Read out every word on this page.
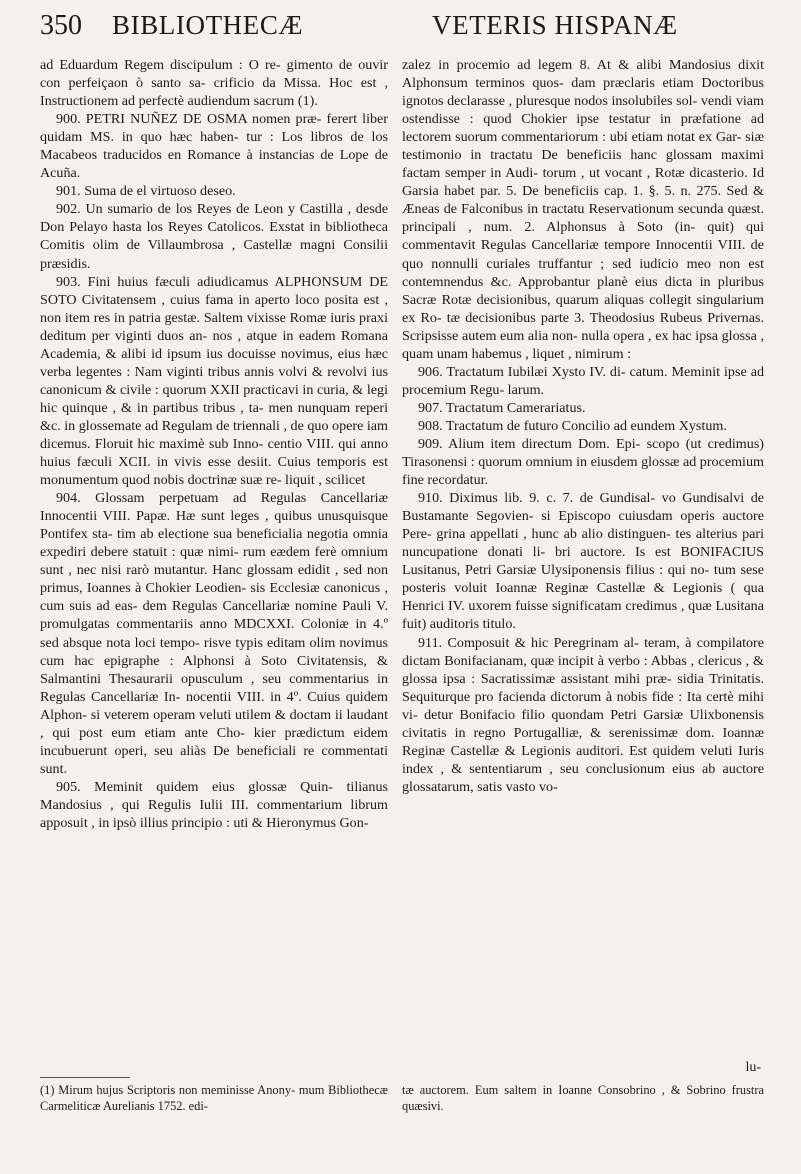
350 BIBLIOTHECÆ	VETERIS HISPANÆ

ad Eduardum Regem discipulum : O re- gimento de ouvir con perfeiçaon ò santo sa- crificio da Missa. Hoc est , Instructionem ad perfectè audiendum sacrum (1).

900. PETRI NUÑEZ DE OSMA nomen præ- ferert liber quidam MS. in quo hæc haben- tur : Los libros de los Macabeos traducidos en Romance à instancias de Lope de Acuña.

901. Suma de el virtuoso deseo.

902. Un sumario de los Reyes de Leon y Castilla , desde Don Pelayo hasta los Reyes Catolicos. Exstat in bibliotheca Comitis olim de Villaumbrosa , Castellæ magni Consilii præsidis.

903. Fini huius fæculi adiudicamus ALPHONSUM DE SOTO Civitatensem , cuius fama in aperto loco posita est , non item res in patria gestæ. Saltem vixisse Romæ iuris praxi deditum per viginti duos an- nos , atque in eadem Romana Academia, & alibi id ipsum ius docuisse novimus, eius hæc verba legentes : Nam viginti tribus annis volvi & revolvi ius canonicum & civile : quorum XXII practicavi in curia, & legi hic quinque , & in partibus tribus , ta- men nunquam reperi &c. in glossemate ad Regulam de triennali , de quo opere iam dicemus. Floruit hic maximè sub Inno- centio VIII. qui anno huius fæculi XCII. in vivis esse desiit. Cuius temporis est monumentum quod nobis doctrinæ suæ re- liquit , scilicet

904. Glossam perpetuam ad Regulas Cancellariæ Innocentii VIII. Papæ. Hæ sunt leges , quibus unusquisque Pontifex sta- tim ab electione sua beneficialia negotia omnia expediri debere statuit : quæ nimi- rum eædem ferè omnium sunt , nec nisi rarò mutantur. Hanc glossam edidit , sed non primus, Ioannes à Chokier Leodien- sis Ecclesiæ canonicus , cum suis ad eas- dem Regulas Cancellariæ nomine Pauli V. promulgatas commentariis anno MDCXXI. Coloniæ in 4.º sed absque nota loci tempo- risve typis editam olim novimus cum hac epigraphe : Alphonsi à Soto Civitatensis, & Salmantini Thesaurarii opusculum , seu commentarius in Regulas Cancellariæ In- nocentii VIII. in 4º. Cuius quidem Alphon- si veterem operam veluti utilem & doctam ii laudant , qui post eum etiam ante Cho- kier prædictum eidem incubuerunt operi, seu aliàs De beneficiali re commentati sunt.

905. Meminit quidem eius glossæ Quin- tilianus Mandosius , qui Regulis Iulii III. commentarium librum apposuit , in ipsò illius principio : uti & Hieronymus Gon-

zalez in procemio ad legem 8. At & alibi Mandosius dixit Alphonsum terminos quos- dam præclaris etiam Doctoribus ignotos declarasse , pluresque nodos insolubiles sol- vendi viam ostendisse : quod Chokier ipse testatur in præfatione ad lectorem suorum commentariorum : ubi etiam notat ex Gar- siæ testimonio in tractatu De beneficiis hanc glossam maximi factam semper in Audi- torum , ut vocant , Rotæ dicasterio. Id Garsia habet par. 5. De beneficiis cap. 1. §. 5. n. 275. Sed & Æneas de Falconibus in tractatu Reservationum secunda quæst. principali , num. 2. Alphonsus à Soto (in- quit) qui commentavit Regulas Cancellariæ tempore Innocentii VIII. de quo nonnulli curiales truffantur ; sed iudicio meo non est contemnendus &c. Approbantur planè eius dicta in pluribus Sacræ Rotæ decisionibus, quarum aliquas collegit singularium ex Ro- tæ decisionibus parte 3. Theodosius Rubeus Privernas. Scripsisse autem eum alia non- nulla opera , ex hac ipsa glossa , quam unam habemus , liquet , nimirum :

906. Tractatum Iubilæi Xysto IV. di- catum. Meminit ipse ad procemium Regu- larum.

907. Tractatum Camerariatus.

908. Tractatum de futuro Concilio ad eundem Xystum.

909. Alium item directum Dom. Epi- scopo (ut credimus) Tirasonensi : quorum omnium in eiusdem glossæ ad procemium fine recordatur.

910. Diximus lib. 9. c. 7. de Gundisal- vo Gundisalvi de Bustamante Segovien- si Episcopo cuiusdam operis auctore Pere- grina appellati , hunc ab alio distinguen- tes alterius pari nuncupatione donati li- bri auctore. Is est BONIFACIUS Lusitanus, Petri Garsiæ Ulysiponensis filius : qui no- tum sese posteris voluit Ioannæ Reginæ Castellæ & Legionis ( qua Henrici IV. uxorem fuisse significatam credimus , quæ Lusitana fuit) auditoris titulo.

911. Composuit & hic Peregrinam al- teram, à compilatore dictam Bonifacianam, quæ incipit à verbo : Abbas , clericus , & glossa ipsa : Sacratissimæ assistant mihi præ- sidia Trinitatis. Sequiturque pro facienda dictorum à nobis fide : Ita certè mihi vi- detur Bonifacio filio quondam Petri Garsiæ Ulixbonensis civitatis in regno Portugalliæ, & serenissimæ dom. Ioannæ Reginæ Castellæ & Legionis auditori. Est quidem veluti Iuris index , & sententiarum , seu conclusionum eius ab auctore glossatarum, satis vasto vo-

lu-
(1) Mirum hujus Scriptoris non meminisse Anony- mum Bibliothecæ Carmeliticæ Aurelianis 1752. edi-
tæ auctorem. Eum saltem in Ioanne Consobrino , & Sobrino frustra quæsivi.
